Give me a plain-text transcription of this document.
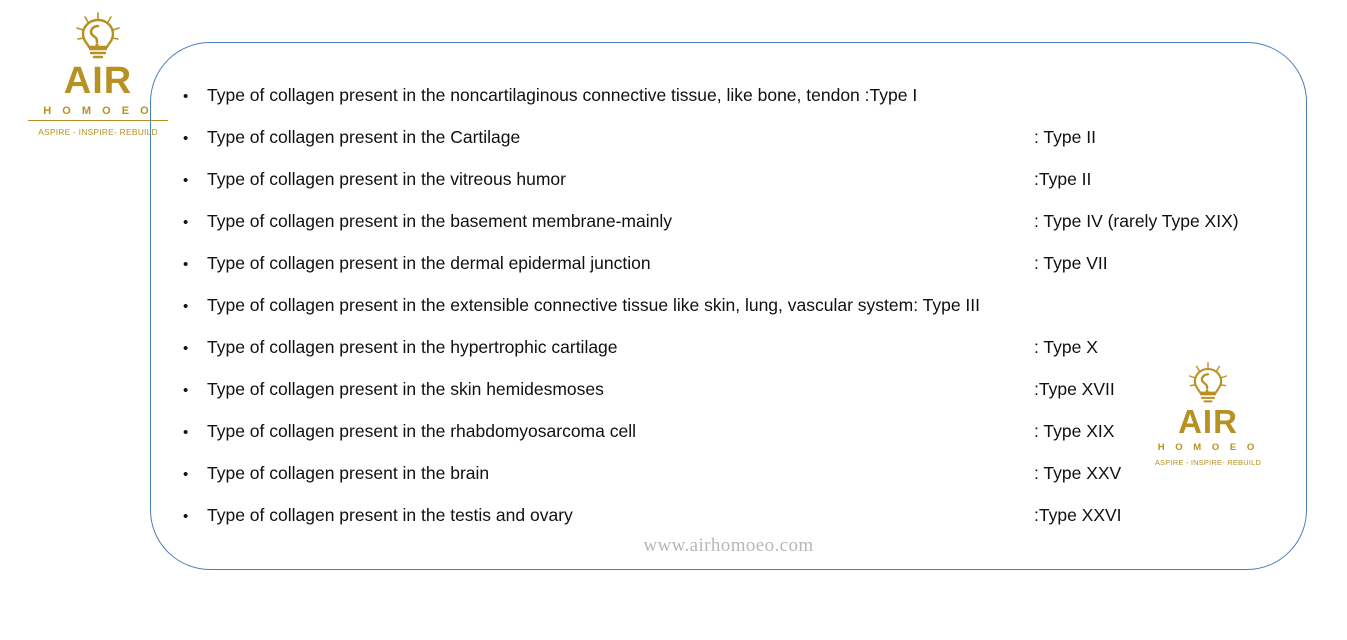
AIR
H O M O E O
ASPIRE - INSPIRE- REBUILD
AIR
H O M O E O
ASPIRE - INSPIRE- REBUILD
•	Type of collagen present in the noncartilaginous connective tissue, like bone, tendon :Type I
•	Type of collagen present in the Cartilage	: Type II
•	Type of collagen present in the vitreous humor	:Type II
•	Type of collagen present in the basement membrane-mainly	: Type IV (rarely Type XIX)
•	Type of collagen present in the dermal epidermal junction	: Type VII
•	Type of collagen present in the extensible connective tissue like skin, lung, vascular system: Type III
•	Type of collagen present in the hypertrophic cartilage	: Type X
•	Type of collagen present in the skin hemidesmoses	:Type XVII
•	Type of collagen present in the rhabdomyosarcoma cell	: Type XIX
•	Type of collagen present in the brain	: Type XXV
•	Type of collagen present in the testis and ovary	:Type XXVI
www.airhomoeo.com
